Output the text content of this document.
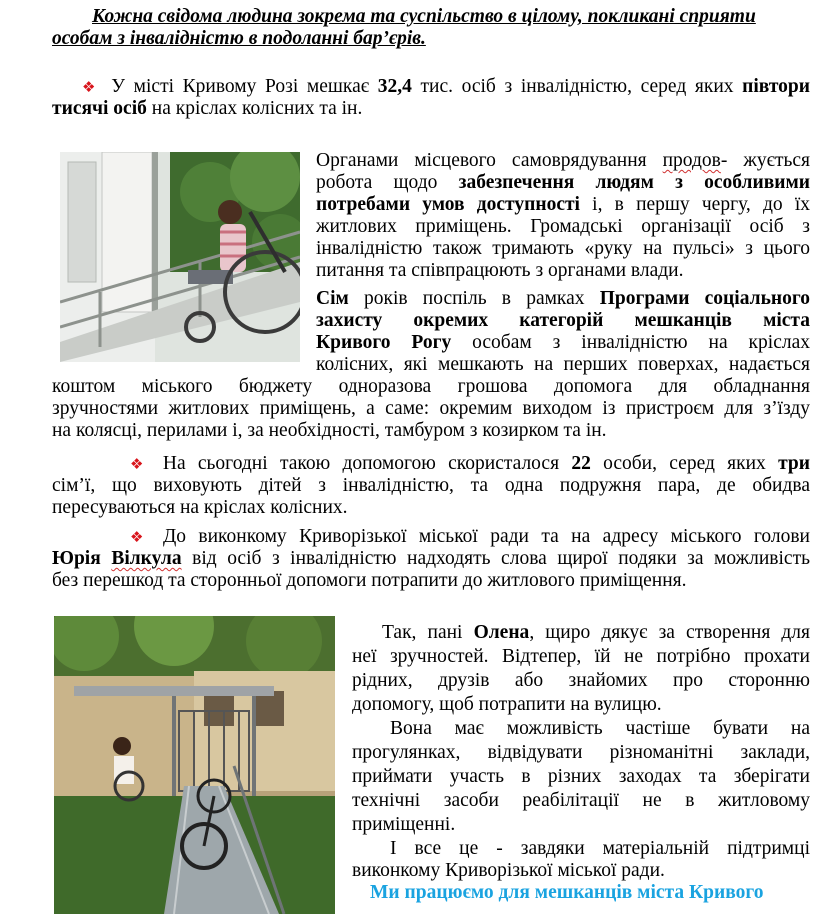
Кожна свідома людина зокрема та суспільство в цілому, покликані сприяти
особам з інвалідністю в подоланні бар’єрів.
❖ У місті Кривому Розі мешкає 32,4 тис. осіб з інвалідністю, серед яких півтори
тисячі осіб на кріслах колісних та ін.
Органами місцевого самоврядування продов- жується
робота щодо забезпечення людям з особливими
потребами умов доступності і, в першу чергу, до їх
житлових приміщень. Громадські організації осіб з
інвалідністю також тримають «руку на пульсі» з цього
питання та співпрацюють з органами влади.
Сім років поспіль в рамках Програми соціального
захисту окремих категорій мешканців міста
Кривого Рогу особам з інвалідністю на кріслах
колісних, які мешкають на перших поверхах, надається
коштом міського бюджету одноразова грошова допомога для обладнання
зручностями житлових приміщень, а саме: окремим виходом із пристроєм для з’їзду
на колясці, перилами і, за необхідності, тамбуром з козирком та ін.
❖ На сьогодні такою допомогою скористалося 22 особи, серед яких три
сім’ї, що виховують дітей з інвалідністю, та одна подружня пара, де обидва
пересуваються на кріслах колісних.
❖ До виконкому Криворізької міської ради та на адресу міського голови
Юрія Вілкула від осіб з інвалідністю надходять слова щирої подяки за можливість
без перешкод та сторонньої допомоги потрапити до житлового приміщення.
Так, пані Олена, щиро дякує за створення для
неї зручностей. Відтепер, їй не потрібно прохати
рідних, друзів або знайомих про сторонню
допомогу, щоб потрапити на вулицю.
Вона має можливість частіше бувати на
прогулянках, відвідувати різноманітні заклади,
приймати участь в різних заходах та зберігати
технічні засоби реабілітації не в житловому
приміщенні.
І все це - завдяки матеріальній підтримці
виконкому Криворізької міської ради.
Ми працюємо для мешканців міста Кривого
